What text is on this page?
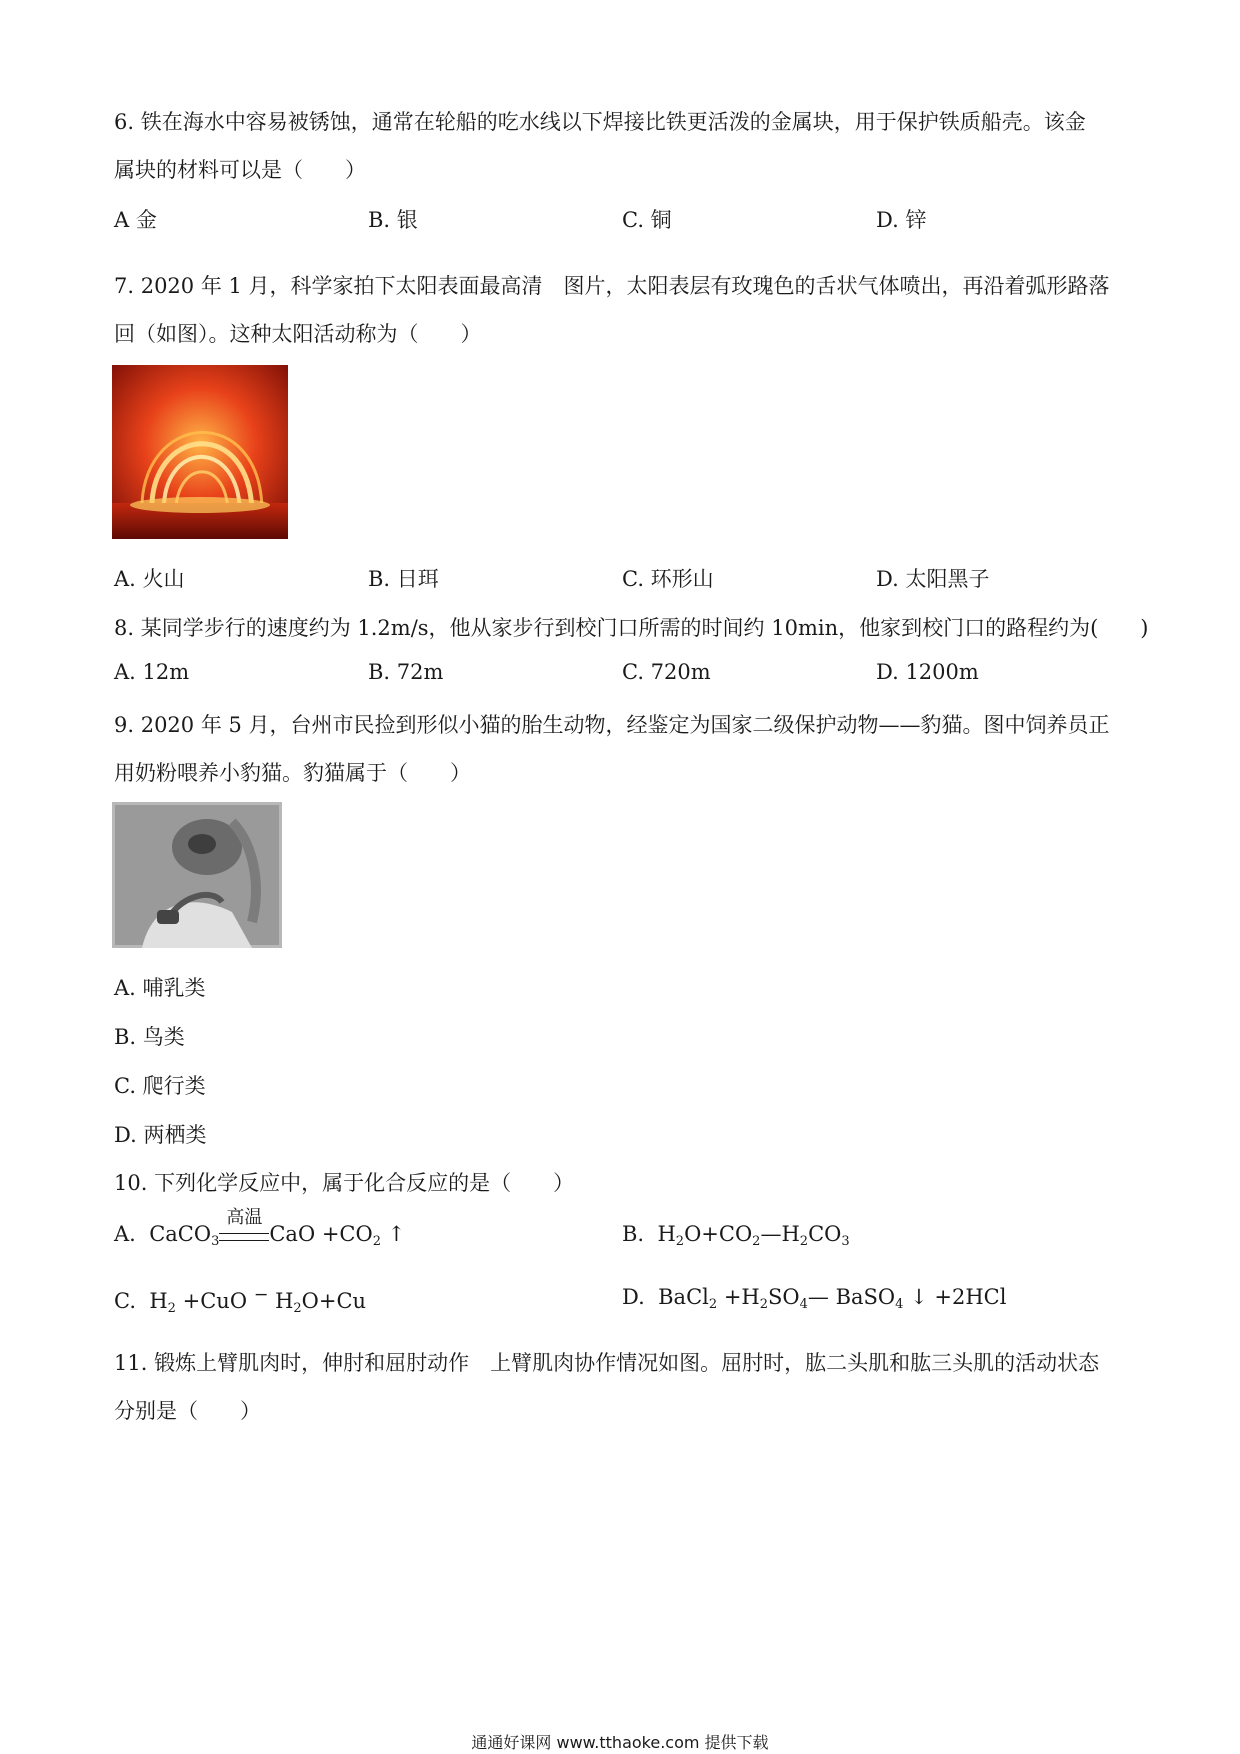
6. 铁在海水中容易被锈蚀，通常在轮船的吃水线以下焊接比铁更活泼的金属块，用于保护铁质船壳。该金
属块的材料可以是（　　）
A 金	B. 银	C. 铜	D. 锌
7. 2020 年 1 月，科学家拍下太阳表面最高清　图片，太阳表层有玫瑰色的舌状气体喷出，再沿着弧形路落
回（如图）。这种太阳活动称为（　　）
A. 火山	B. 日珥	C. 环形山	D. 太阳黑子
8. 某同学步行的速度约为 1.2m/s，他从家步行到校门口所需的时间约 10min，他家到校门口的路程约为(　　)
A. 12m	B. 72m	C. 720m	D. 1200m
9. 2020 年 5 月，台州市民捡到形似小猫的胎生动物，经鉴定为国家二级保护动物——豹猫。图中饲养员正
用奶粉喂养小豹猫。豹猫属于（　　）
A. 哺乳类
B. 鸟类
C. 爬行类
D. 两栖类
10. 下列化学反应中，属于化合反应的是（　　）
A.  CaCO$_3$
高温
CaO $+CO_2$ ↑	B.  $H_2O+CO_2—H_2CO_3$
C.  $H_2 +CuO$ − $H_2O+Cu$	D.  BaCl$_2$ $+H_2SO_4—$ BaSO$_4$ ↓ +2HCl
11. 锻炼上臂肌肉时，伸肘和屈肘动作　上臂肌肉协作情况如图。屈肘时，肱二头肌和肱三头肌的活动状态
分别是（　　）
通通好课网 www.tthaoke.com 提供下载
